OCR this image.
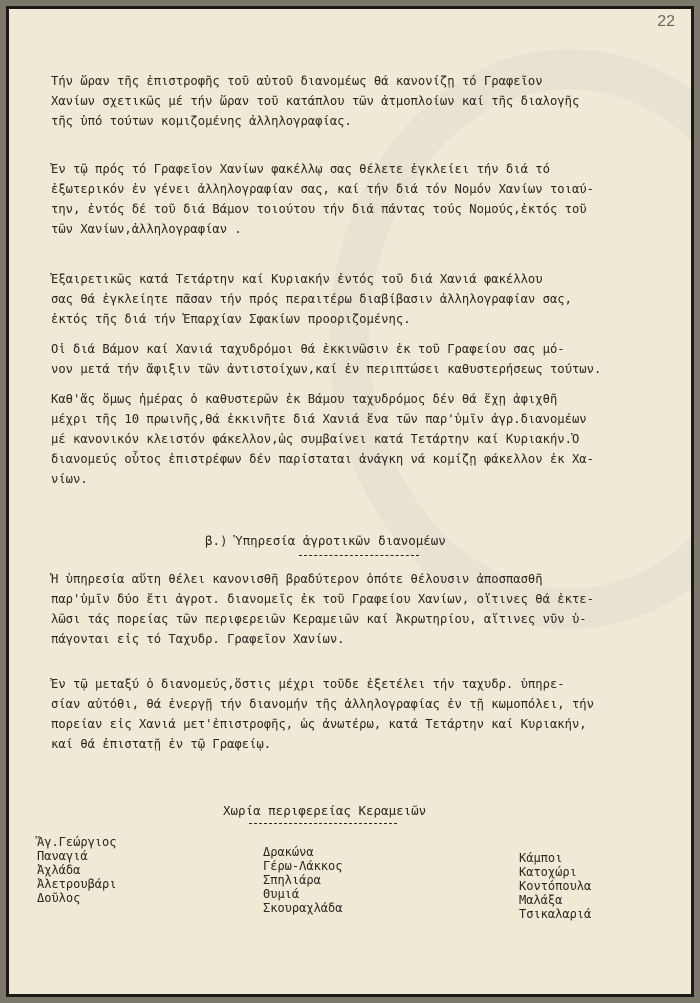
22
Τήν ὥραν τῆς ἐπιστροφῆς τοῦ αὐτοῦ διανομέως θά κανονίζῃ τό Γραφεῖον
Χανίων σχετικῶς μέ τήν ὥραν τοῦ κατάπλου τῶν ἀτμοπλοίων καί τῆς διαλογῆς
τῆς ὑπό τούτων κομιζομένης ἀλληλογραφίας.
Ἐν τῷ πρός τό Γραφεῖον Χανίων φακέλλῳ σας θέλετε ἐγκλείει τήν διά τό
ἐξωτερικόν ἐν γένει ἀλληλογραφίαν σας, καί τήν διά τόν Νομόν Χανίων τοιαύ-
την, ἐντός δέ τοῦ διά Βάμον τοιούτου τήν διά πάντας τούς Νομούς,ἐκτός τοῦ
τῶν Χανίων,ἀλληλογραφίαν .
Ἐξαιρετικῶς κατά Τετάρτην καί Κυριακήν ἐντός τοῦ διά Χανιά φακέλλου
σας θά ἐγκλείητε πᾶσαν τήν πρός περαιτέρω διαβίβασιν ἀλληλογραφίαν σας,
ἐκτός τῆς διά τήν Ἐπαρχίαν Σφακίων προοριζομένης.
Οἱ διά Βάμον καί Χανιά ταχυδρόμοι θά ἐκκινῶσιν ἐκ τοῦ Γραφείου σας μό-
νον μετά τήν ἄφιξιν τῶν ἀντιστοίχων,καί ἐν περιπτώσει καθυστερήσεως τούτων.
Καθ'ἅς ὅμως ἡμέρας ὁ καθυστερῶν ἐκ Βάμου ταχυδρόμος δέν θά ἔχῃ ἀφιχθῆ
μέχρι τῆς 10 πρωινῆς,θά ἐκκινῆτε διά Χανιά ἕνα τῶν παρ'ὑμῖν ἀγρ.διανομέων
μέ κανονικόν κλειστόν φάκελλον,ὡς συμβαίνει κατά Τετάρτην καί Κυριακήν.Ὁ
διανομεύς οὗτος ἐπιστρέφων δέν παρίσταται ἀνάγκη νά κομίζῃ φάκελλον ἐκ Χα-
νίων.
β.) Ὑπηρεσία ἀγροτικῶν διανομέων
Ἡ ὑπηρεσία αὕτη θέλει κανονισθῆ βραδύτερον ὁπότε θέλουσιν ἀποσπασθῆ
παρ'ὑμῖν δύο ἔτι ἀγροτ. διανομεῖς ἐκ τοῦ Γραφείου Χανίων, οἵτινες θά ἐκτε-
λῶσι τάς πορείας τῶν περιφερειῶν Κεραμειῶν καί Ἀκρωτηρίου, αἵτινες νῦν ὑ-
πάγονται εἰς τό Ταχυδρ. Γραφεῖον Χανίων.
Ἐν τῷ μεταξύ ὁ διανομεύς,ὅστις μέχρι τοῦδε ἐξετέλει τήν ταχυδρ. ὑπηρε-
σίαν αὐτόθι, θά ἐνεργῇ τήν διανομήν τῆς ἀλληλογραφίας ἐν τῇ κωμοπόλει, τήν
πορείαν εἰς Χανιά μετ'ἐπιστροφῆς, ὡς ἀνωτέρω, κατά Τετάρτην καί Κυριακήν,
καί θά ἐπιστατῇ ἐν τῷ Γραφείῳ.
Χωρία περιφερείας Κεραμειῶν
Ἅγ.Γεώργιος
Παναγιά
Ἀχλάδα
Ἀλετρουβάρι
Δοῦλος
Δρακώνα
Γέρω-Λάκκος
Σπηλιάρα
Θυμιά
Σκουραχλάδα
Κάμποι
Κατοχώρι
Κοντόπουλα
Μαλάξα
Τσικαλαριά
